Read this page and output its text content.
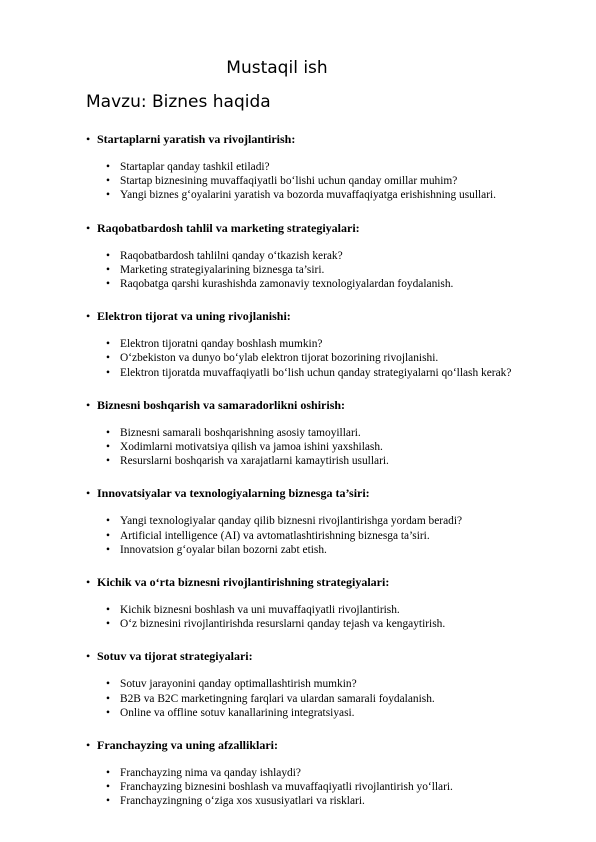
Mustaqil ish
Mavzu: Biznes haqida
• Startaplarni yaratish va rivojlantirish:
• Startaplar qanday tashkil etiladi?
• Startap biznesining muvaffaqiyatli bo‘lishi uchun qanday omillar muhim?
• Yangi biznes g‘oyalarini yaratish va bozorda muvaffaqiyatga erishishning usullari.
• Raqobatbardosh tahlil va marketing strategiyalari:
• Raqobatbardosh tahlilni qanday o‘tkazish kerak?
• Marketing strategiyalarining biznesga ta’siri.
• Raqobatga qarshi kurashishda zamonaviy texnologiyalardan foydalanish.
• Elektron tijorat va uning rivojlanishi:
• Elektron tijoratni qanday boshlash mumkin?
• O‘zbekiston va dunyo bo‘ylab elektron tijorat bozorining rivojlanishi.
• Elektron tijoratda muvaffaqiyatli bo‘lish uchun qanday strategiyalarni qo‘llash kerak?
• Biznesni boshqarish va samaradorlikni oshirish:
• Biznesni samarali boshqarishning asosiy tamoyillari.
• Xodimlarni motivatsiya qilish va jamoa ishini yaxshilash.
• Resurslarni boshqarish va xarajatlarni kamaytirish usullari.
• Innovatsiyalar va texnologiyalarning biznesga ta’siri:
• Yangi texnologiyalar qanday qilib biznesni rivojlantirishga yordam beradi?
• Artificial intelligence (AI) va avtomatlashtirishning biznesga ta’siri.
• Innovatsion g‘oyalar bilan bozorni zabt etish.
• Kichik va o‘rta biznesni rivojlantirishning strategiyalari:
• Kichik biznesni boshlash va uni muvaffaqiyatli rivojlantirish.
• O‘z biznesini rivojlantirishda resurslarni qanday tejash va kengaytirish.
• Sotuv va tijorat strategiyalari:
• Sotuv jarayonini qanday optimallashtirish mumkin?
• B2B va B2C marketingning farqlari va ulardan samarali foydalanish.
• Online va offline sotuv kanallarining integratsiyasi.
• Franchayzing va uning afzalliklari:
• Franchayzing nima va qanday ishlaydi?
• Franchayzing biznesini boshlash va muvaffaqiyatli rivojlantirish yo‘llari.
• Franchayzingning o‘ziga xos xususiyatlari va risklari.
